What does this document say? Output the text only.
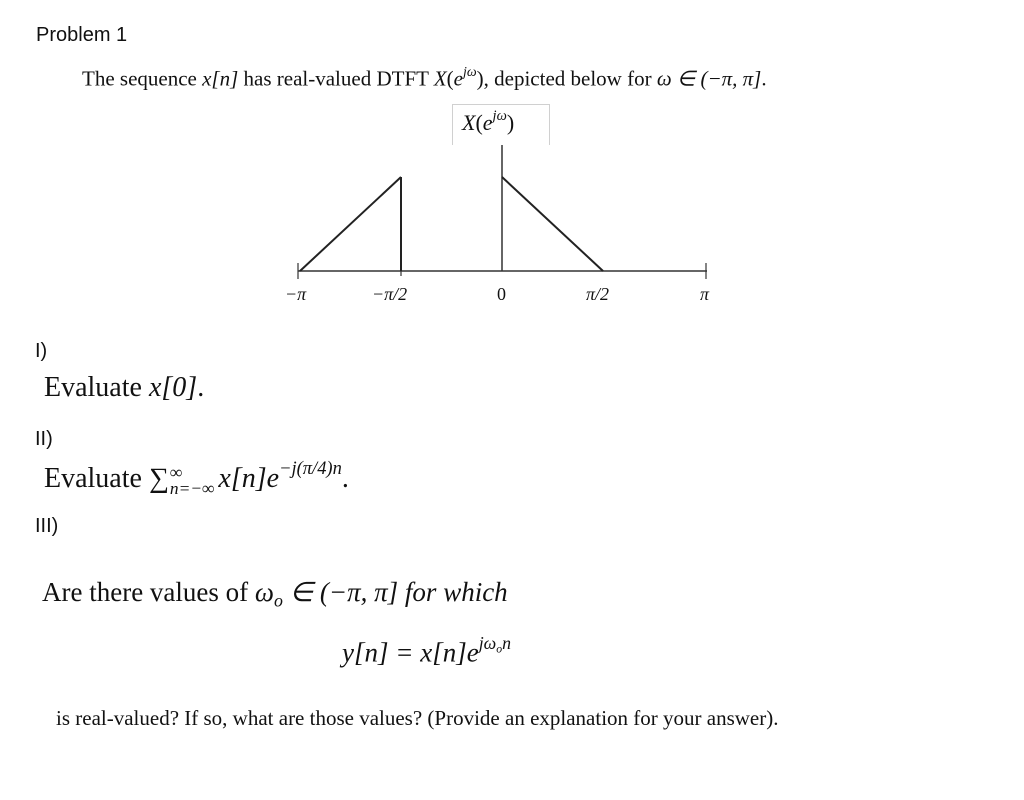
Problem 1
The sequence x[n] has real-valued DTFT $X(e^{j\omega})$, depicted below for ω ∈ (−π, π].
$X(e^{j\omega})$
−π	−π/2	0	π/2	π
I)
Evaluate x[0].
II)
Evaluate ∑ ∞
n=−∞ $x[n]e^{-j(\pi/4)n}$.
III)
Are there values of $\omega_o$ ∈ (−π, π] for which
$y[n] = x[n]e^{j\omega_on}$
is real-valued? If so, what are those values? (Provide an explanation for your answer).
